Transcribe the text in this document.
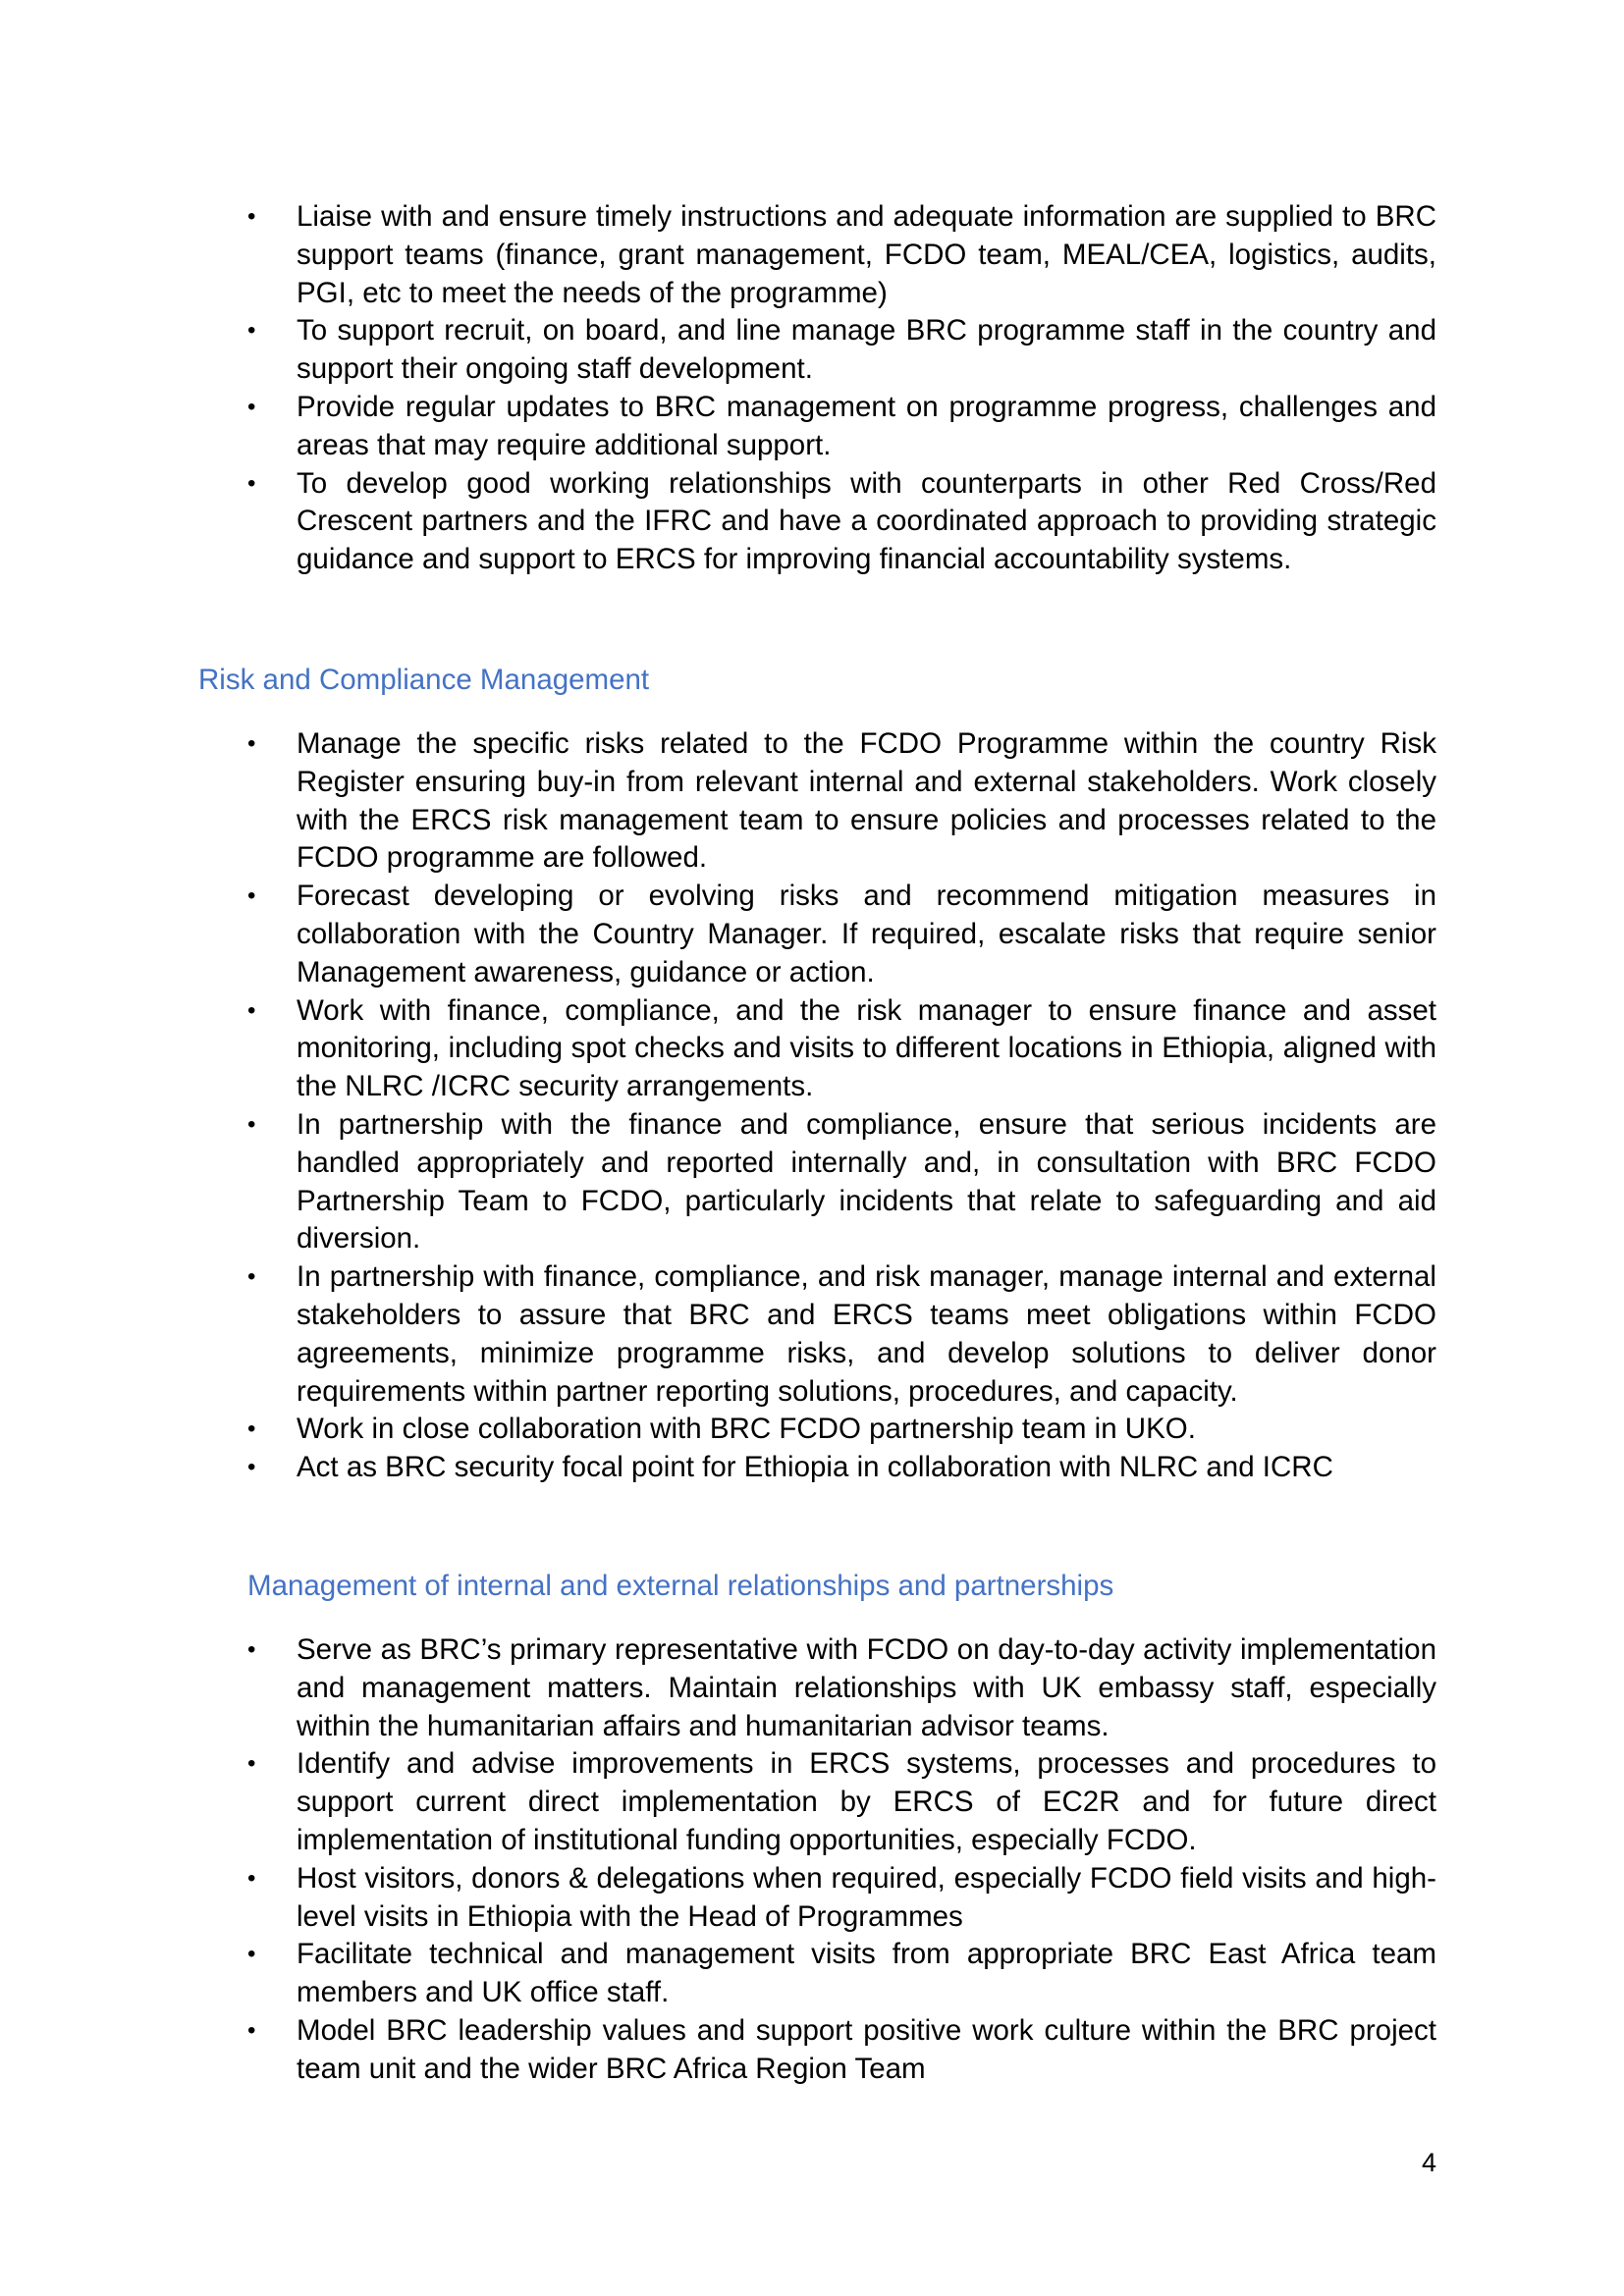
• Liaise with and ensure timely instructions and adequate information are supplied to BRC support teams (finance, grant management, FCDO team, MEAL/CEA, logistics, audits, PGI, etc to meet the needs of the programme)
• To support recruit, on board, and line manage BRC programme staff in the country and support their ongoing staff development.
• Provide regular updates to BRC management on programme progress, challenges and areas that may require additional support.
• To develop good working relationships with counterparts in other Red Cross/Red Crescent partners and the IFRC and have a coordinated approach to providing strategic guidance and support to ERCS for improving financial accountability systems.
Risk and Compliance Management
• Manage the specific risks related to the FCDO Programme within the country Risk Register ensuring buy-in from relevant internal and external stakeholders. Work closely with the ERCS risk management team to ensure policies and processes related to the FCDO programme are followed.
• Forecast developing or evolving risks and recommend mitigation measures in collaboration with the Country Manager. If required, escalate risks that require senior Management awareness, guidance or action.
• Work with finance, compliance, and the risk manager to ensure finance and asset monitoring, including spot checks and visits to different locations in Ethiopia, aligned with the NLRC /ICRC security arrangements.
• In partnership with the finance and compliance, ensure that serious incidents are handled appropriately and reported internally and, in consultation with BRC FCDO Partnership Team to FCDO, particularly incidents that relate to safeguarding and aid diversion.
• In partnership with finance, compliance, and risk manager, manage internal and external stakeholders to assure that BRC and ERCS teams meet obligations within FCDO agreements, minimize programme risks, and develop solutions to deliver donor requirements within partner reporting solutions, procedures, and capacity.
• Work in close collaboration with BRC FCDO partnership team in UKO.
• Act as BRC security focal point for Ethiopia in collaboration with NLRC and ICRC
Management of internal and external relationships and partnerships
• Serve as BRC’s primary representative with FCDO on day-to-day activity implementation and management matters. Maintain relationships with UK embassy staff, especially within the humanitarian affairs and humanitarian advisor teams.
• Identify and advise improvements in ERCS systems, processes and procedures to support current direct implementation by ERCS of EC2R and for future direct implementation of institutional funding opportunities, especially FCDO.
• Host visitors, donors & delegations when required, especially FCDO field visits and high-level visits in Ethiopia with the Head of Programmes
• Facilitate technical and management visits from appropriate BRC East Africa team members and UK office staff.
• Model BRC leadership values and support positive work culture within the BRC project team unit and the wider BRC Africa Region Team
4
